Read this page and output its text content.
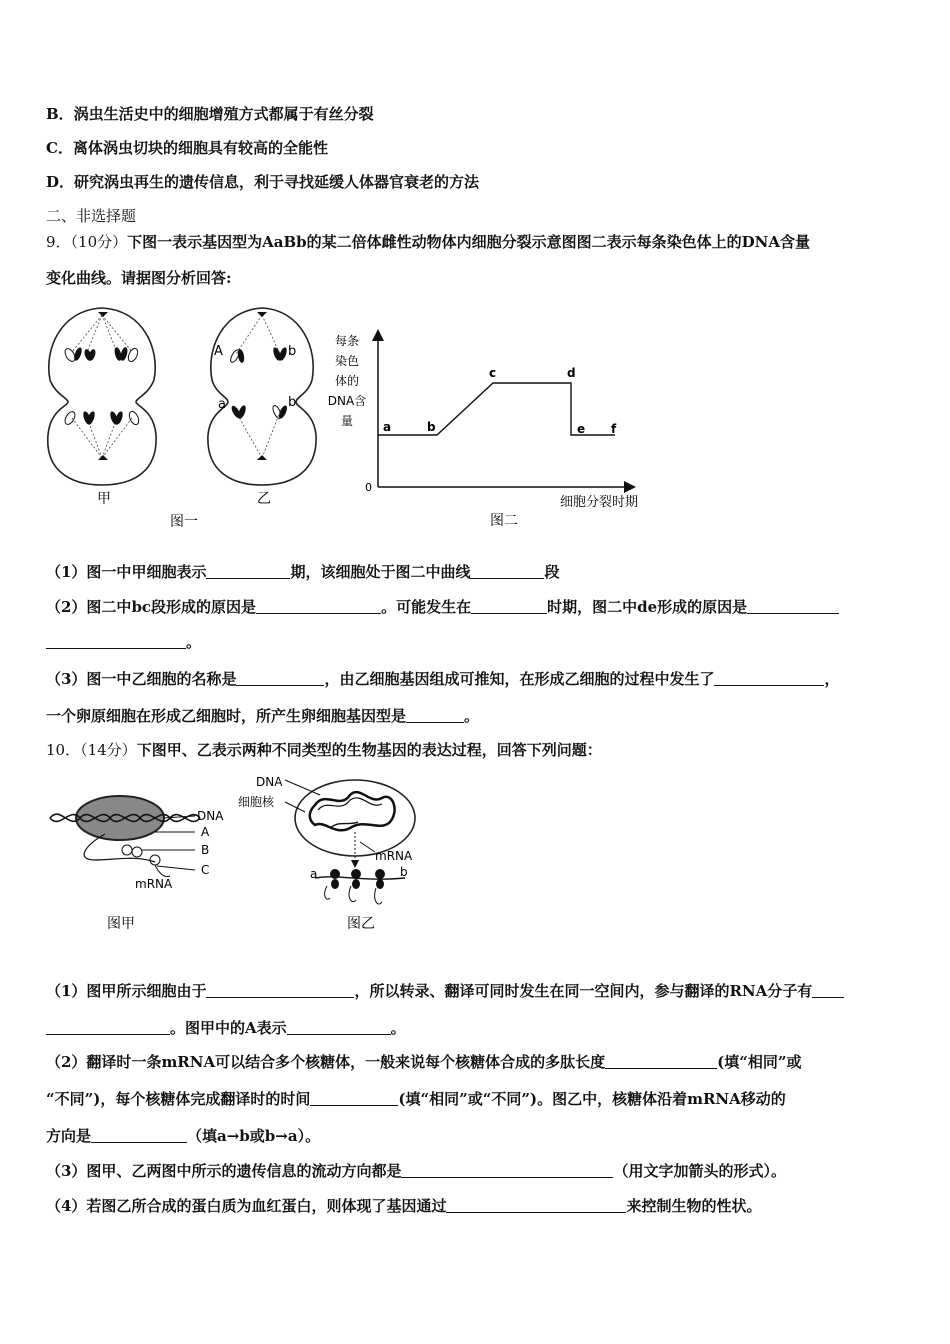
B．涡虫生活史中的细胞增殖方式都属于有丝分裂
C．离体涡虫切块的细胞具有较高的全能性
D．研究涡虫再生的遗传信息，利于寻找延缓人体器官衰老的方法
二、非选择题
9．（10分）下图一表示基因型为AaBb的某二倍体雌性动物体内细胞分裂示意图图二表示每条染色体上的DNA含量
变化曲线。请据图分析回答:
甲
A	b
a	b
乙
图一
每条
染色
体的
DNA含
量
0
细胞分裂时期
a	b
c	d
e f
图二
（1）图一中甲细胞表示	期，该细胞处于图二中曲线	段
（2）图二中bc段形成的原因是	。可能发生在	时期，图二中de形成的原因是
。
（3）图一中乙细胞的名称是	，由乙细胞基因组成可推知，在形成乙细胞的过程中发生了	，
一个卵原细胞在形成乙细胞时，所产生卵细胞基因型是	。
10．（14分）下图甲、乙表示两种不同类型的生物基因的表达过程，回答下列问题：
DNA
A
B
C
mRNA
图甲
DNA
细胞核
mRNA
a	b
图乙
（1）图甲所示细胞由于	，所以转录、翻译可同时发生在同一空间内，参与翻译的RNA分子有
。图甲中的A表示	。
（2）翻译时一条mRNA可以结合多个核糖体，一般来说每个核糖体合成的多肽长度	(填“相同”或
“不同”)，每个核糖体完成翻译时的时间	(填“相同”或“不同”)。图乙中，核糖体沿着mRNA移动的
方向是	（填a→b或b→a）。
（3）图甲、乙两图中所示的遗传信息的流动方向都是	（用文字加箭头的形式）。
（4）若图乙所合成的蛋白质为血红蛋白，则体现了基因通过	来控制生物的性状。
